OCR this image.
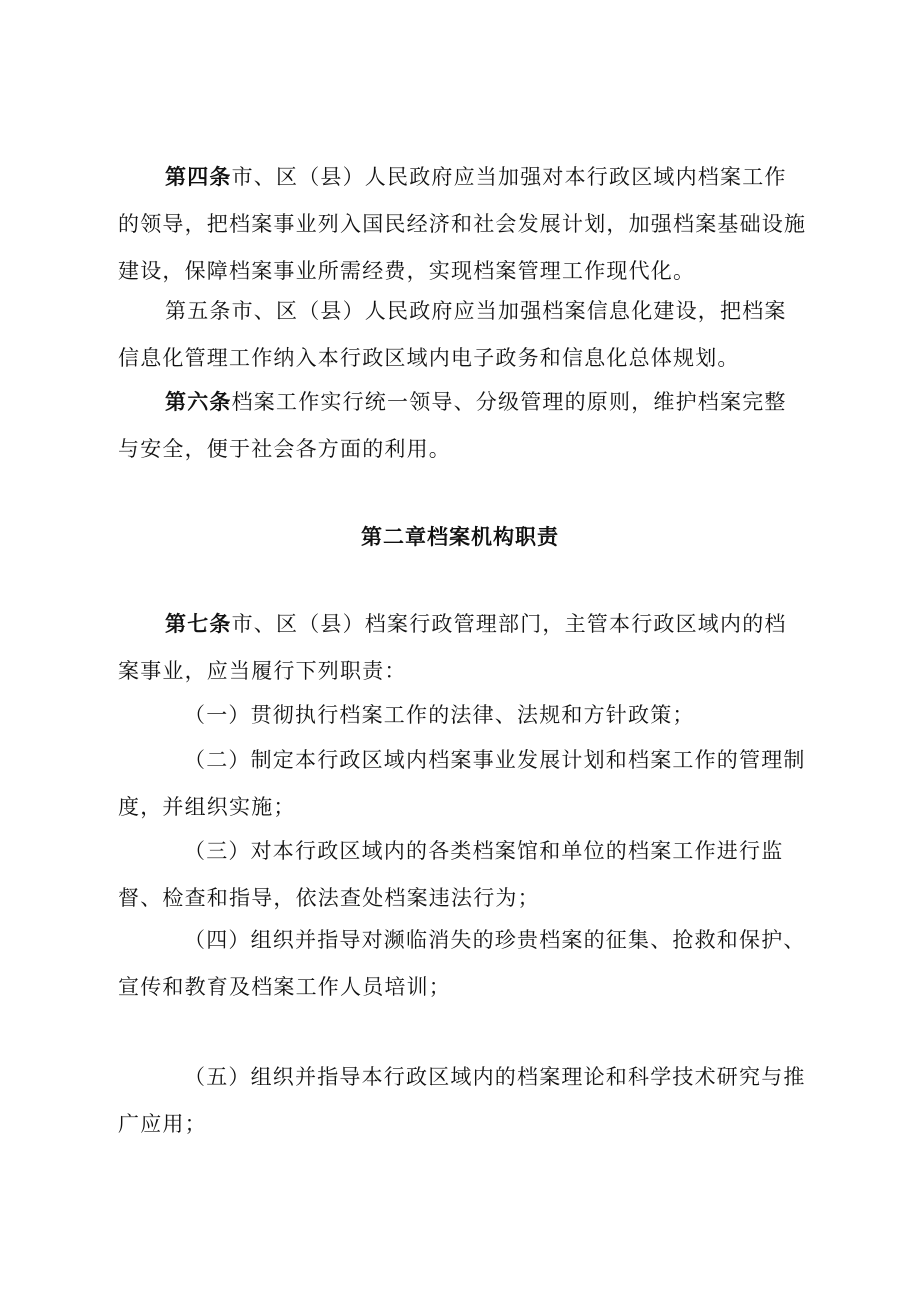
第四条市、区（县）人民政府应当加强对本行政区域内档案工作的领导，把档案事业列入国民经济和社会发展计划，加强档案基础设施建设，保障档案事业所需经费，实现档案管理工作现代化。

第五条市、区（县）人民政府应当加强档案信息化建设，把档案信息化管理工作纳入本行政区域内电子政务和信息化总体规划。

第六条档案工作实行统一领导、分级管理的原则，维护档案完整与安全，便于社会各方面的利用。

第二章档案机构职责

第七条市、区（县）档案行政管理部门，主管本行政区域内的档案事业，应当履行下列职责：

（一）贯彻执行档案工作的法律、法规和方针政策；

（二）制定本行政区域内档案事业发展计划和档案工作的管理制度，并组织实施；

（三）对本行政区域内的各类档案馆和单位的档案工作进行监督、检查和指导，依法查处档案违法行为；

（四）组织并指导对濒临消失的珍贵档案的征集、抢救和保护、宣传和教育及档案工作人员培训；

（五）组织并指导本行政区域内的档案理论和科学技术研究与推广应用；
